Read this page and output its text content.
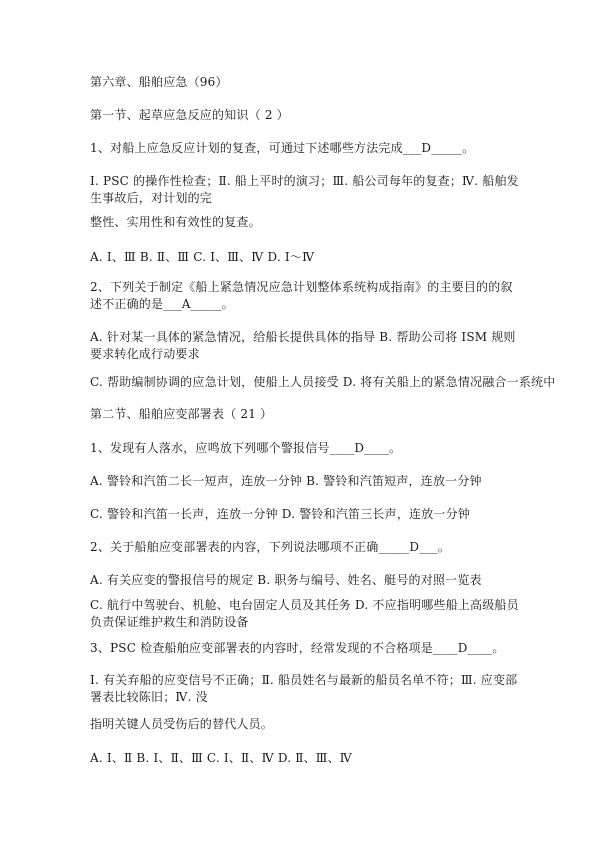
第六章、船舶应急（96）
第一节、起草应急反应的知识（ 2 ）
1、对船上应急反应计划的复查，可通过下述哪些方法完成___D_____。
Ⅰ. PSC 的操作性检查；Ⅱ. 船上平时的演习；Ⅲ. 船公司每年的复查；Ⅳ. 船舶发生事故后，对计划的完
整性、实用性和有效性的复查。
A. Ⅰ、Ⅲ B. Ⅱ、Ⅲ C. Ⅰ、Ⅲ、Ⅳ D. Ⅰ～Ⅳ
2、下列关于制定《船上紧急情况应急计划整体系统构成指南》的主要目的的叙述不正确的是___A_____。
A. 针对某一具体的紧急情况，给船长提供具体的指导 B. 帮助公司将 ISM 规则要求转化成行动要求
C. 帮助编制协调的应急计划，使船上人员接受 D. 将有关船上的紧急情况融合一系统中
第二节、船舶应变部署表（ 21 ）
1、发现有人落水，应鸣放下列哪个警报信号____D____。
A. 警铃和汽笛二长一短声，连放一分钟 B. 警铃和汽笛短声，连放一分钟
C. 警铃和汽笛一长声，连放一分钟 D. 警铃和汽笛三长声，连放一分钟
2、关于船舶应变部署表的内容，下列说法哪项不正确_____D___。
A. 有关应变的警报信号的规定 B. 职务与编号、姓名、艇号的对照一览表
C. 航行中驾驶台、机舱、电台固定人员及其任务 D. 不应指明哪些船上高级船员负责保证维护救生和消防设备
3、PSC 检查船舶应变部署表的内容时，经常发现的不合格项是____D____。
Ⅰ. 有关弃船的应变信号不正确；Ⅱ. 船员姓名与最新的船员名单不符；Ⅲ. 应变部署表比较陈旧；Ⅳ. 没
指明关键人员受伤后的替代人员。
A. Ⅰ、Ⅱ B. Ⅰ、Ⅱ、Ⅲ C. Ⅰ、Ⅱ、Ⅳ D. Ⅱ、Ⅲ、Ⅳ
